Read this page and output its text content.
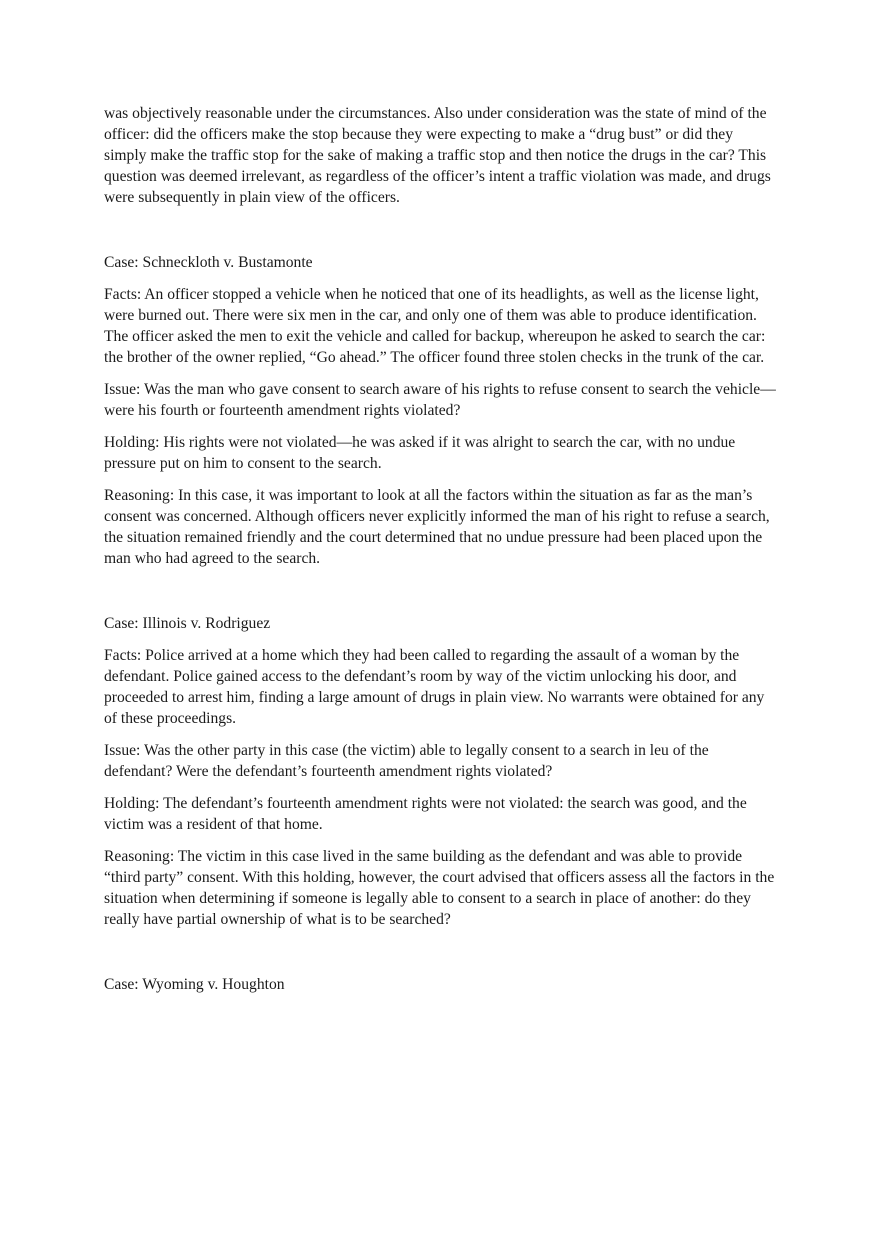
was objectively reasonable under the circumstances. Also under consideration was the state of mind of the officer: did the officers make the stop because they were expecting to make a “drug bust” or did they simply make the traffic stop for the sake of making a traffic stop and then notice the drugs in the car? This question was deemed irrelevant, as regardless of the officer’s intent a traffic violation was made, and drugs were subsequently in plain view of the officers.

Case: Schneckloth v. Bustamonte

Facts: An officer stopped a vehicle when he noticed that one of its headlights, as well as the license light, were burned out. There were six men in the car, and only one of them was able to produce identification. The officer asked the men to exit the vehicle and called for backup, whereupon he asked to search the car: the brother of the owner replied, “Go ahead.” The officer found three stolen checks in the trunk of the car.

Issue: Was the man who gave consent to search aware of his rights to refuse consent to search the vehicle—were his fourth or fourteenth amendment rights violated?

Holding: His rights were not violated—he was asked if it was alright to search the car, with no undue pressure put on him to consent to the search.

Reasoning: In this case, it was important to look at all the factors within the situation as far as the man’s consent was concerned. Although officers never explicitly informed the man of his right to refuse a search, the situation remained friendly and the court determined that no undue pressure had been placed upon the man who had agreed to the search.

Case: Illinois v. Rodriguez

Facts: Police arrived at a home which they had been called to regarding the assault of a woman by the defendant. Police gained access to the defendant’s room by way of the victim unlocking his door, and proceeded to arrest him, finding a large amount of drugs in plain view. No warrants were obtained for any of these proceedings.

Issue: Was the other party in this case (the victim) able to legally consent to a search in leu of the defendant? Were the defendant’s fourteenth amendment rights violated?

Holding: The defendant’s fourteenth amendment rights were not violated: the search was good, and the victim was a resident of that home.

Reasoning: The victim in this case lived in the same building as the defendant and was able to provide “third party” consent. With this holding, however, the court advised that officers assess all the factors in the situation when determining if someone is legally able to consent to a search in place of another: do they really have partial ownership of what is to be searched?

Case: Wyoming v. Houghton
